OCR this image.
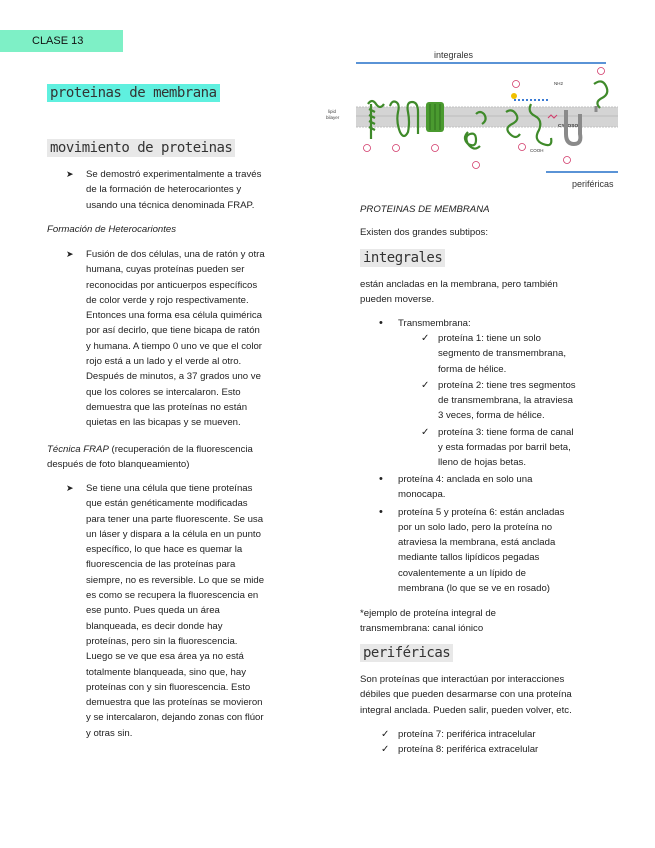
CLASE 13
proteinas de membrana
movimiento de proteinas
➤ Se demostró experimentalmente a través
de la formación de heterocariontes y
usando una técnica denominada FRAP.
Formación de Heterocariontes
➤ Fusión de dos células, una de ratón y otra
humana, cuyas proteínas pueden ser
reconocidas por anticuerpos específicos
de color verde y rojo respectivamente.
Entonces una forma esa célula quimérica
por así decirlo, que tiene bicapa de ratón
y humana. A tiempo 0 uno ve que el color
rojo está a un lado y el verde al otro.
Después de minutos, a 37 grados uno ve
que los colores se intercalaron. Esto
demuestra que las proteínas no están
quietas en las bicapas y se mueven.
Técnica FRAP (recuperación de la fluorescencia
después de foto blanqueamiento)
➤ Se tiene una célula que tiene proteínas
que están genéticamente modificadas
para tener una parte fluorescente. Se usa
un láser y dispara a la célula en un punto
específico, lo que hace es quemar la
fluorescencia de las proteínas para
siempre, no es reversible. Lo que se mide
es como se recupera la fluorescencia en
ese punto. Pues queda un área
blanqueada, es decir donde hay
proteínas, pero sin la fluorescencia.
Luego se ve que esa área ya no está
totalmente blanqueada, sino que, hay
proteínas con y sin fluorescencia. Esto
demuestra que las proteínas se movieron
y se intercalaron, dejando zonas con flúor
y otras sin.
integrales
lipid
bilayer
CYTOSOL
NH2
COOH
periféricas
PROTEINAS DE MEMBRANA
Existen dos grandes subtipos:
integrales
están ancladas en la membrana, pero también
pueden moverse.
• Transmembrana:
✓ proteína 1: tiene un solo
segmento de transmembrana,
forma de hélice.
✓ proteína 2: tiene tres segmentos
de transmembrana, la atraviesa
3 veces, forma de hélice.
✓ proteína 3: tiene forma de canal
y esta formadas por barril beta,
lleno de hojas betas.
• proteína 4: anclada en solo una
monocapa.
• proteína 5 y proteína 6: están ancladas
por un solo lado, pero la proteína no
atraviesa la membrana, está anclada
mediante tallos lipídicos pegadas
covalentemente a un lípido de
membrana (lo que se ve en rosado)
*ejemplo de proteína integral de
transmembrana: canal iónico
periféricas
Son proteínas que interactúan por interacciones
débiles que pueden desarmarse con una proteína
integral anclada. Pueden salir, pueden volver, etc.
✓ proteína 7: periférica intracelular
✓ proteína 8: periférica extracelular
